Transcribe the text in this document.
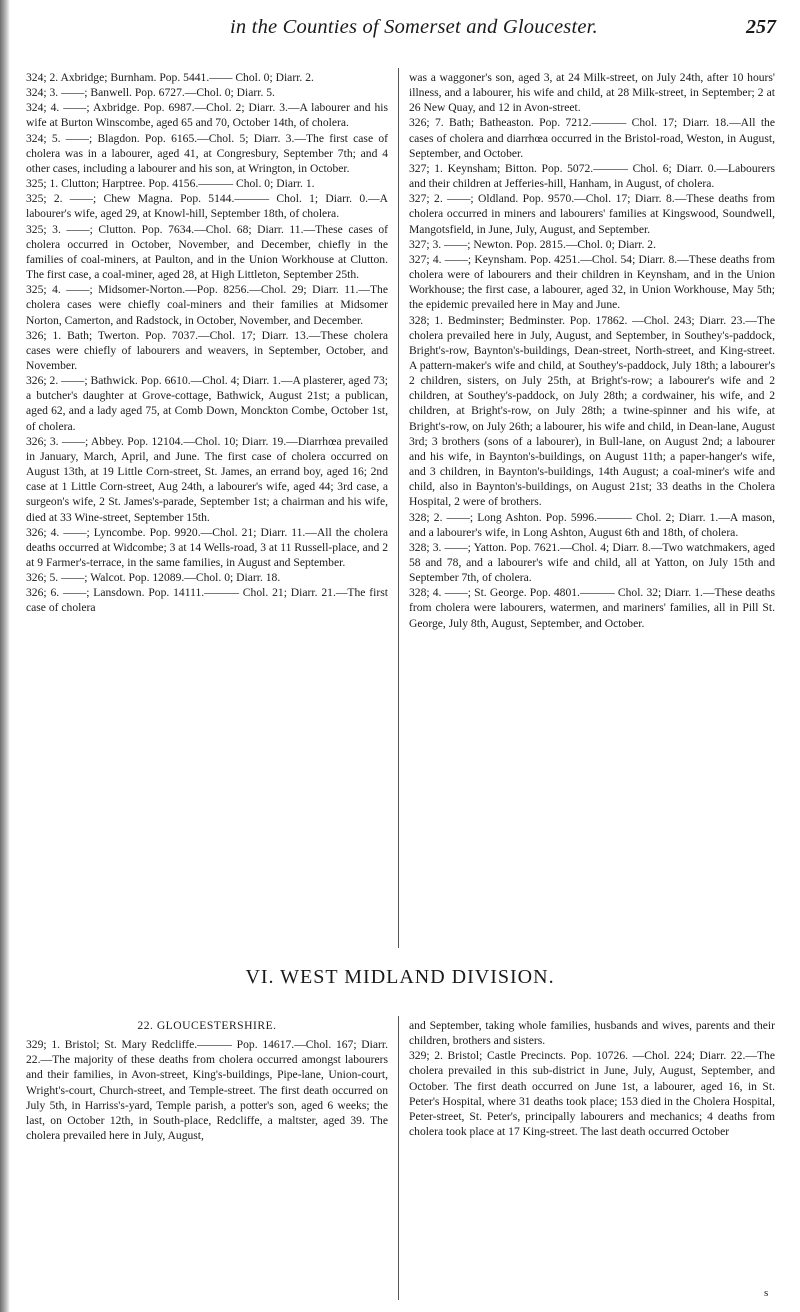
in the Counties of Somerset and Gloucester.	257

324; 2. Axbridge; Burnham. Pop. 5441.—— Chol. 0; Diarr. 2.

324; 3. ——; Banwell. Pop. 6727.—Chol. 0; Diarr. 5.

324; 4. ——; Axbridge. Pop. 6987.—Chol. 2; Diarr. 3.—A labourer and his wife at Burton Winscombe, aged 65 and 70, October 14th, of cholera.

324; 5. ——; Blagdon. Pop. 6165.—Chol. 5; Diarr. 3.—The first case of cholera was in a labourer, aged 41, at Congresbury, September 7th; and 4 other cases, including a labourer and his son, at Wrington, in October.

325; 1. Clutton; Harptree. Pop. 4156.——— Chol. 0; Diarr. 1.

325; 2. ——; Chew Magna. Pop. 5144.——— Chol. 1; Diarr. 0.—A labourer's wife, aged 29, at Knowl-hill, September 18th, of cholera.

325; 3. ——; Clutton. Pop. 7634.—Chol. 68; Diarr. 11.—These cases of cholera occurred in October, November, and December, chiefly in the families of coal-miners, at Paulton, and in the Union Workhouse at Clutton. The first case, a coal-miner, aged 28, at High Littleton, September 25th.

325; 4. ——; Midsomer-Norton.—Pop. 8256.—Chol. 29; Diarr. 11.—The cholera cases were chiefly coal-miners and their families at Midsomer Norton, Camerton, and Radstock, in October, November, and December.

326; 1. Bath; Twerton. Pop. 7037.—Chol. 17; Diarr. 13.—These cholera cases were chiefly of labourers and weavers, in September, October, and November.

326; 2. ——; Bathwick. Pop. 6610.—Chol. 4; Diarr. 1.—A plasterer, aged 73; a butcher's daughter at Grove-cottage, Bathwick, August 21st; a publican, aged 62, and a lady aged 75, at Comb Down, Monckton Combe, October 1st, of cholera.

326; 3. ——; Abbey. Pop. 12104.—Chol. 10; Diarr. 19.—Diarrhœa prevailed in January, March, April, and June. The first case of cholera occurred on August 13th, at 19 Little Corn-street, St. James, an errand boy, aged 16; 2nd case at 1 Little Corn-street, Aug 24th, a labourer's wife, aged 44; 3rd case, a surgeon's wife, 2 St. James's-parade, September 1st; a chairman and his wife, died at 33 Wine-street, September 15th.

326; 4. ——; Lyncombe. Pop. 9920.—Chol. 21; Diarr. 11.—All the cholera deaths occurred at Widcombe; 3 at 14 Wells-road, 3 at 11 Russell-place, and 2 at 9 Farmer's-terrace, in the same families, in August and September.

326; 5. ——; Walcot. Pop. 12089.—Chol. 0; Diarr. 18.

326; 6. ——; Lansdown. Pop. 14111.——— Chol. 21; Diarr. 21.—The first case of cholera

was a waggoner's son, aged 3, at 24 Milk-street, on July 24th, after 10 hours' illness, and a labourer, his wife and child, at 28 Milk-street, in September; 2 at 26 New Quay, and 12 in Avon-street.

326; 7. Bath; Batheaston. Pop. 7212.——— Chol. 17; Diarr. 18.—All the cases of cholera and diarrhœa occurred in the Bristol-road, Weston, in August, September, and October.

327; 1. Keynsham; Bitton. Pop. 5072.——— Chol. 6; Diarr. 0.—Labourers and their children at Jefferies-hill, Hanham, in August, of cholera.

327; 2. ——; Oldland. Pop. 9570.—Chol. 17; Diarr. 8.—These deaths from cholera occurred in miners and labourers' families at Kingswood, Soundwell, Mangotsfield, in June, July, August, and September.

327; 3. ——; Newton. Pop. 2815.—Chol. 0; Diarr. 2.

327; 4. ——; Keynsham. Pop. 4251.—Chol. 54; Diarr. 8.—These deaths from cholera were of labourers and their children in Keynsham, and in the Union Workhouse; the first case, a labourer, aged 32, in Union Workhouse, May 5th; the epidemic prevailed here in May and June.

328; 1. Bedminster; Bedminster. Pop. 17862. —Chol. 243; Diarr. 23.—The cholera prevailed here in July, August, and September, in Southey's-paddock, Bright's-row, Baynton's-buildings, Dean-street, North-street, and King-street. A pattern-maker's wife and child, at Southey's-paddock, July 18th; a labourer's 2 children, sisters, on July 25th, at Bright's-row; a labourer's wife and 2 children, at Southey's-paddock, on July 28th; a cordwainer, his wife, and 2 children, at Bright's-row, on July 28th; a twine-spinner and his wife, at Bright's-row, on July 26th; a labourer, his wife and child, in Dean-lane, August 3rd; 3 brothers (sons of a labourer), in Bull-lane, on August 2nd; a labourer and his wife, in Baynton's-buildings, on August 11th; a paper-hanger's wife, and 3 children, in Baynton's-buildings, 14th August; a coal-miner's wife and child, also in Baynton's-buildings, on August 21st; 33 deaths in the Cholera Hospital, 2 were of brothers.

328; 2. ——; Long Ashton. Pop. 5996.——— Chol. 2; Diarr. 1.—A mason, and a labourer's wife, in Long Ashton, August 6th and 18th, of cholera.

328; 3. ——; Yatton. Pop. 7621.—Chol. 4; Diarr. 8.—Two watchmakers, aged 58 and 78, and a labourer's wife and child, all at Yatton, on July 15th and September 7th, of cholera.

328; 4. ——; St. George. Pop. 4801.——— Chol. 32; Diarr. 1.—These deaths from cholera were labourers, watermen, and mariners' families, all in Pill St. George, July 8th, August, September, and October.

VI. WEST MIDLAND DIVISION.

22. GLOUCESTERSHIRE.

329; 1. Bristol; St. Mary Redcliffe.——— Pop. 14617.—Chol. 167; Diarr. 22.—The majority of these deaths from cholera occurred amongst labourers and their families, in Avon-street, King's-buildings, Pipe-lane, Union-court, Wright's-court, Church-street, and Temple-street. The first death occurred on July 5th, in Harriss's-yard, Temple parish, a potter's son, aged 6 weeks; the last, on October 12th, in South-place, Redcliffe, a maltster, aged 39. The cholera prevailed here in July, August,

and September, taking whole families, husbands and wives, parents and their children, brothers and sisters.

329; 2. Bristol; Castle Precincts. Pop. 10726. —Chol. 224; Diarr. 22.—The cholera prevailed in this sub-district in June, July, August, September, and October. The first death occurred on June 1st, a labourer, aged 16, in St. Peter's Hospital, where 31 deaths took place; 153 died in the Cholera Hospital, Peter-street, St. Peter's, principally labourers and mechanics; 4 deaths from cholera took place at 17 King-street. The last death occurred October

s
